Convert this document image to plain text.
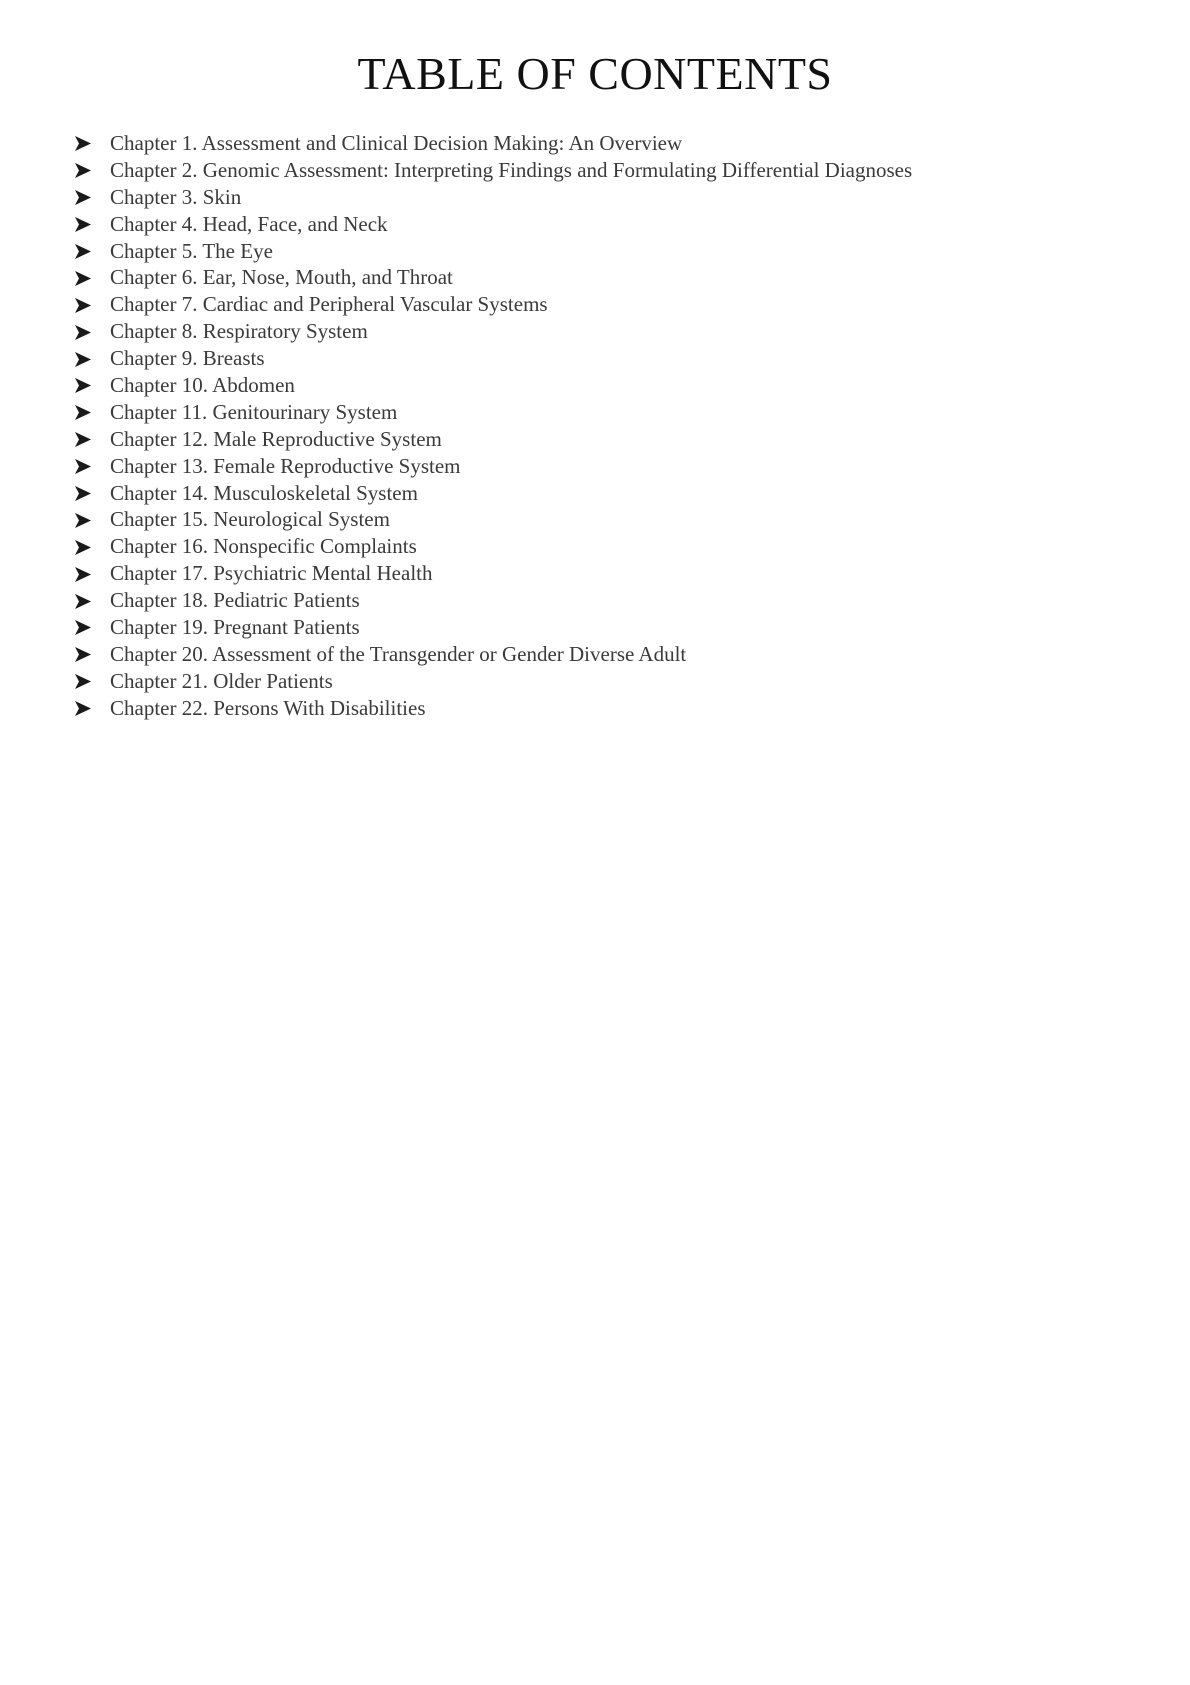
TABLE OF CONTENTS
Chapter 1. Assessment and Clinical Decision Making: An Overview
Chapter 2. Genomic Assessment: Interpreting Findings and Formulating Differential Diagnoses
Chapter 3. Skin
Chapter 4. Head, Face, and Neck
Chapter 5. The Eye
Chapter 6. Ear, Nose, Mouth, and Throat
Chapter 7. Cardiac and Peripheral Vascular Systems
Chapter 8. Respiratory System
Chapter 9. Breasts
Chapter 10. Abdomen
Chapter 11. Genitourinary System
Chapter 12. Male Reproductive System
Chapter 13. Female Reproductive System
Chapter 14. Musculoskeletal System
Chapter 15. Neurological System
Chapter 16. Nonspecific Complaints
Chapter 17. Psychiatric Mental Health
Chapter 18. Pediatric Patients
Chapter 19. Pregnant Patients
Chapter 20. Assessment of the Transgender or Gender Diverse Adult
Chapter 21. Older Patients
Chapter 22. Persons With Disabilities
